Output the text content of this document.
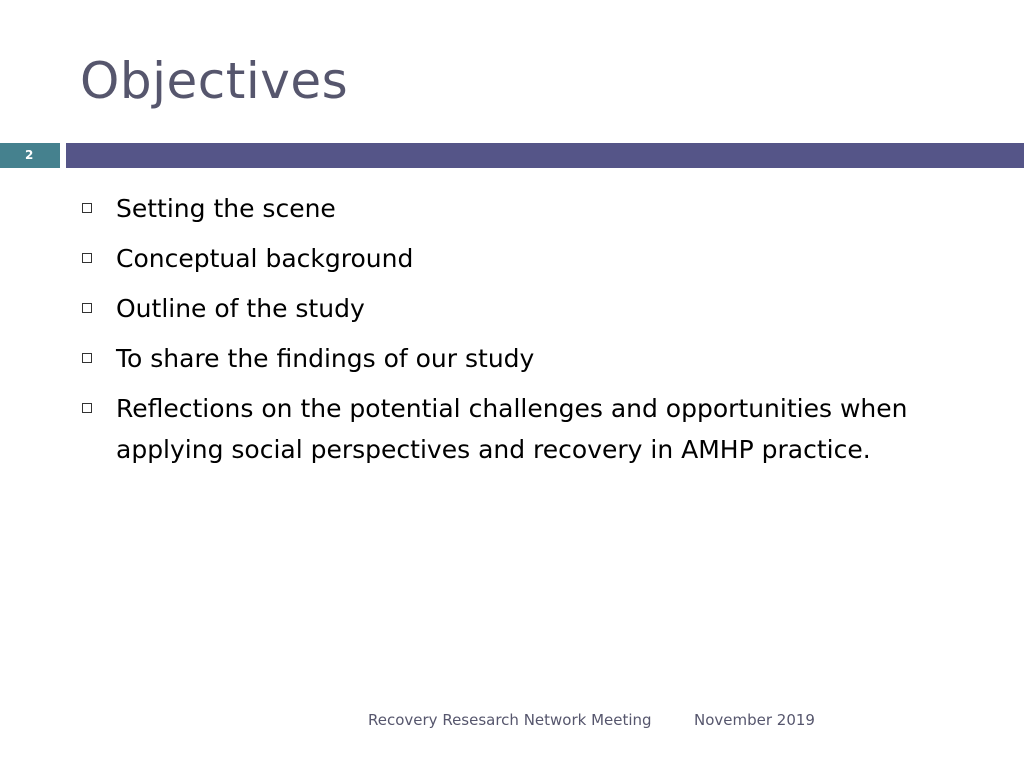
Objectives
2
Setting the scene
Conceptual background
Outline of the study
To share the findings of our study
Reflections on the potential challenges and opportunities when applying social perspectives and recovery in AMHP practice.
Recovery Resesarch Network Meeting	November 2019
